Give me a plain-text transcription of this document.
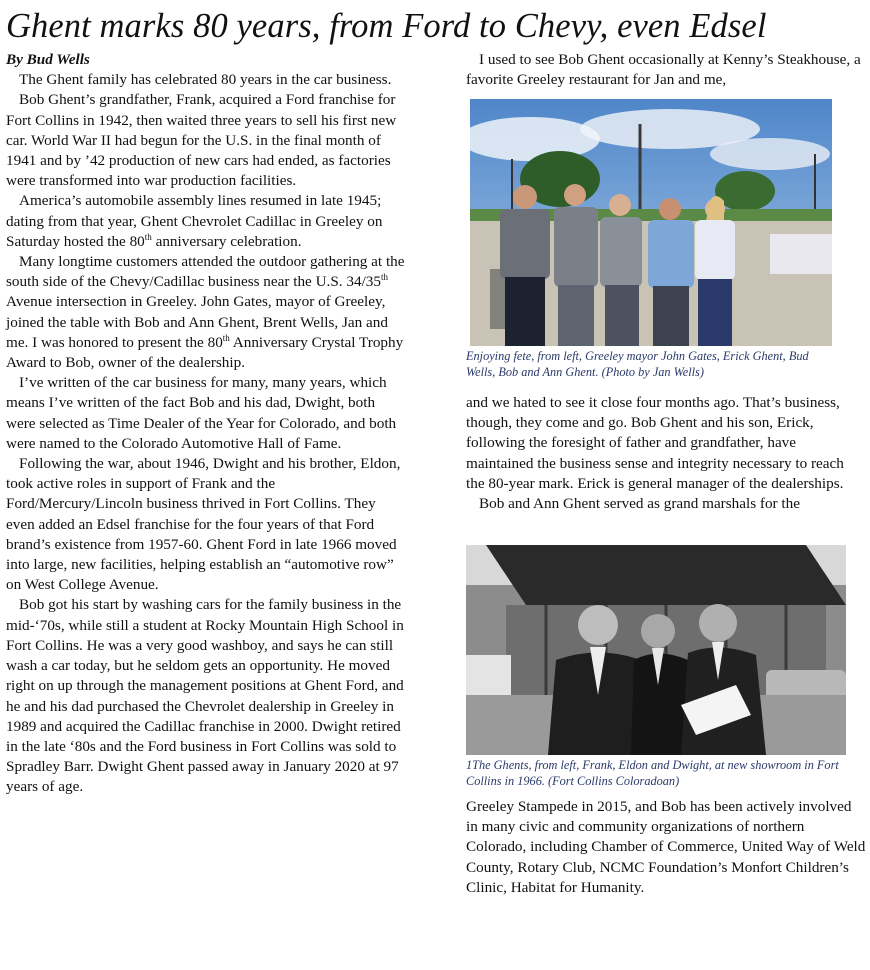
Ghent marks 80 years, from Ford to Chevy, even Edsel

By Bud Wells

The Ghent family has celebrated 80 years in the car business.

Bob Ghent’s grandfather, Frank, acquired a Ford franchise for Fort Collins in 1942, then waited three years to sell his first new car. World War II had begun for the U.S. in the final month of 1941 and by ’42 production of new cars had ended, as factories were transformed into war production facilities.

America’s automobile assembly lines resumed in late 1945; dating from that year, Ghent Chevrolet Cadillac in Greeley on Saturday hosted the 80th anniversary celebration.

Many longtime customers attended the outdoor gathering at the south side of the Chevy/Cadillac business near the U.S. 34/35th Avenue intersection in Greeley. John Gates, mayor of Greeley, joined the table with Bob and Ann Ghent, Brent Wells, Jan and me. I was honored to present the 80th Anniversary Crystal Trophy Award to Bob, owner of the dealership.

I’ve written of the car business for many, many years, which means I’ve written of the fact Bob and his dad, Dwight, both were selected as Time Dealer of the Year for Colorado, and both were named to the Colorado Automotive Hall of Fame.

Following the war, about 1946, Dwight and his brother, Eldon, took active roles in support of Frank and the Ford/Mercury/Lincoln business thrived in Fort Collins. They even added an Edsel franchise for the four years of that Ford brand’s existence from 1957-60. Ghent Ford in late 1966 moved into large, new facilities, helping establish an “automotive row” on West College Avenue.

Bob got his start by washing cars for the family business in the mid-‘70s, while still a student at Rocky Mountain High School in Fort Collins. He was a very good washboy, and says he can still wash a car today, but he seldom gets an opportunity. He moved right on up through the management positions at Ghent Ford, and he and his dad purchased the Chevrolet dealership in Greeley in 1989 and acquired the Cadillac franchise in 2000. Dwight retired in the late ‘80s and the Ford business in Fort Collins was sold to Spradley Barr. Dwight Ghent passed away in January 2020 at 97 years of age.

I used to see Bob Ghent occasionally at Kenny’s Steakhouse, a favorite Greeley restaurant for Jan and me,

Enjoying fete, from left, Greeley mayor John Gates, Erick Ghent, Bud Wells, Bob and Ann Ghent. (Photo by Jan Wells)

and we hated to see it close four months ago. That’s business, though, they come and go. Bob Ghent and his son, Erick, following the foresight of father and grandfather, have maintained the business sense and integrity necessary to reach the 80-year mark. Erick is general manager of the dealerships.

Bob and Ann Ghent served as grand marshals for the

1The Ghents, from left, Frank, Eldon and Dwight, at new showroom in Fort Collins in 1966. (Fort Collins Coloradoan)

Greeley Stampede in 2015, and Bob has been actively involved in many civic and community organizations of northern Colorado, including Chamber of Commerce, United Way of Weld County, Rotary Club, NCMC Foundation’s Monfort Children’s Clinic, Habitat for Humanity.
